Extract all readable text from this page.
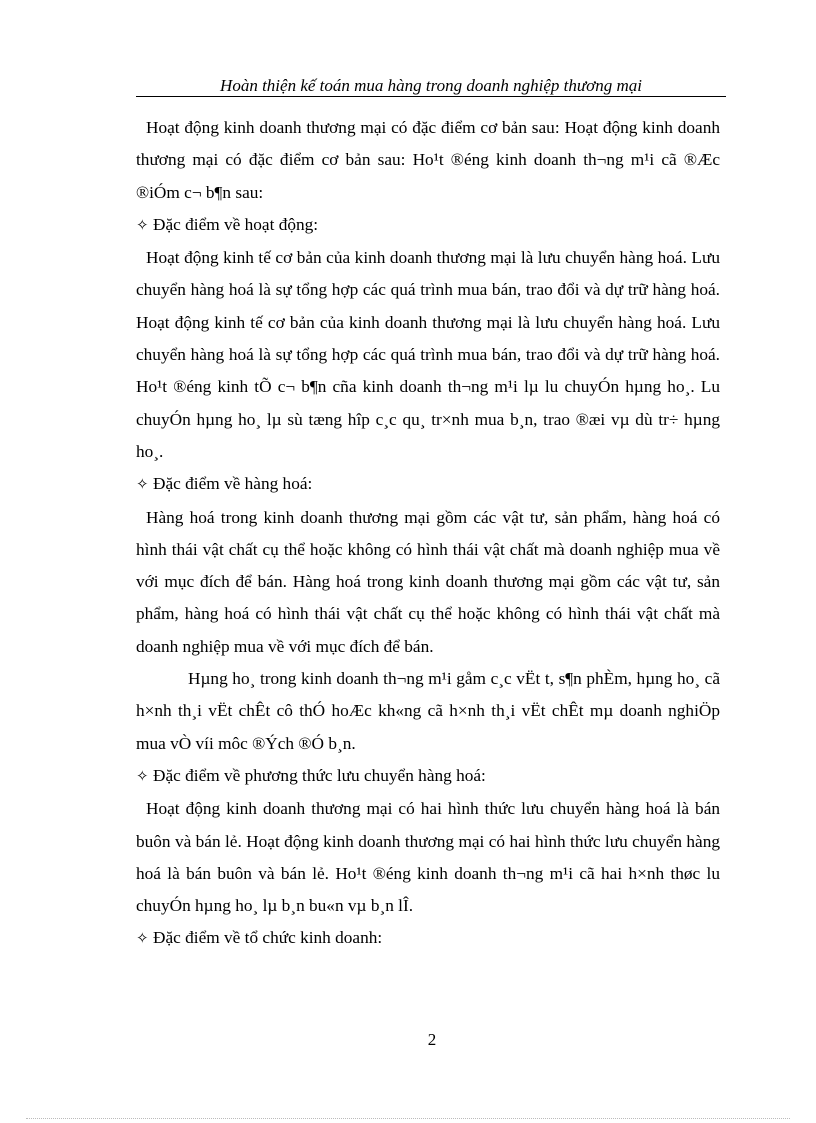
Hoàn thiện kế toán mua hàng trong doanh nghiệp thương mại

Hoạt động kinh doanh thương mại có đặc điểm cơ bản sau: Hoạt động kinh doanh thương mại có đặc điểm cơ bản sau: Ho¹t ®éng kinh doanh th¬ng m¹i cã ®Æc ®iÓm c¬ b¶n sau:

✧ Đặc điểm về hoạt động:

Hoạt động kinh tế cơ bản của kinh doanh thương mại là lưu chuyển hàng hoá. Lưu chuyển hàng hoá là sự tổng hợp các quá trình mua bán, trao đổi và dự trữ hàng hoá. Hoạt động kinh tế cơ bản của kinh doanh thương mại là lưu chuyển hàng hoá. Lưu chuyển hàng hoá là sự tổng hợp các quá trình mua bán, trao đổi và dự trữ hàng hoá. Ho¹t ®éng kinh tÕ c¬ b¶n cña kinh doanh th¬ng m¹i lµ lu chuyÓn hµng ho¸. Lu chuyÓn hµng ho¸ lµ sù tæng hîp c¸c qu¸ tr×nh mua b¸n, trao ®æi vµ dù tr÷ hµng ho¸.

✧ Đặc điểm về hàng hoá:

Hàng hoá trong kinh doanh thương mại gồm các vật tư, sản phẩm, hàng hoá có hình thái vật chất cụ thể hoặc không có hình thái vật chất mà doanh nghiệp mua về với mục đích để bán. Hàng hoá trong kinh doanh thương mại gồm các vật tư, sản phẩm, hàng hoá có hình thái vật chất cụ thể hoặc không có hình thái vật chất mà doanh nghiệp mua về với mục đích để bán.

Hµng ho¸ trong kinh doanh th¬ng m¹i gåm c¸c vËt t, s¶n phÈm, hµng ho¸ cã h×nh th¸i vËt chÊt cô thÓ hoÆc kh«ng cã h×nh th¸i vËt chÊt mµ doanh nghiÖp mua vÒ víi môc ®Ých ®Ó b¸n.

✧ Đặc điểm về phương thức lưu chuyển hàng hoá:

Hoạt động kinh doanh thương mại có hai hình thức lưu chuyển hàng hoá là bán buôn và bán lẻ. Hoạt động kinh doanh thương mại có hai hình thức lưu chuyển hàng hoá là bán buôn và bán lẻ. Ho¹t ®éng kinh doanh th¬ng m¹i cã hai h×nh thøc lu chuyÓn hµng ho¸ lµ b¸n bu«n vµ b¸n lÎ.

✧ Đặc điểm về tổ chức kinh doanh:

2
